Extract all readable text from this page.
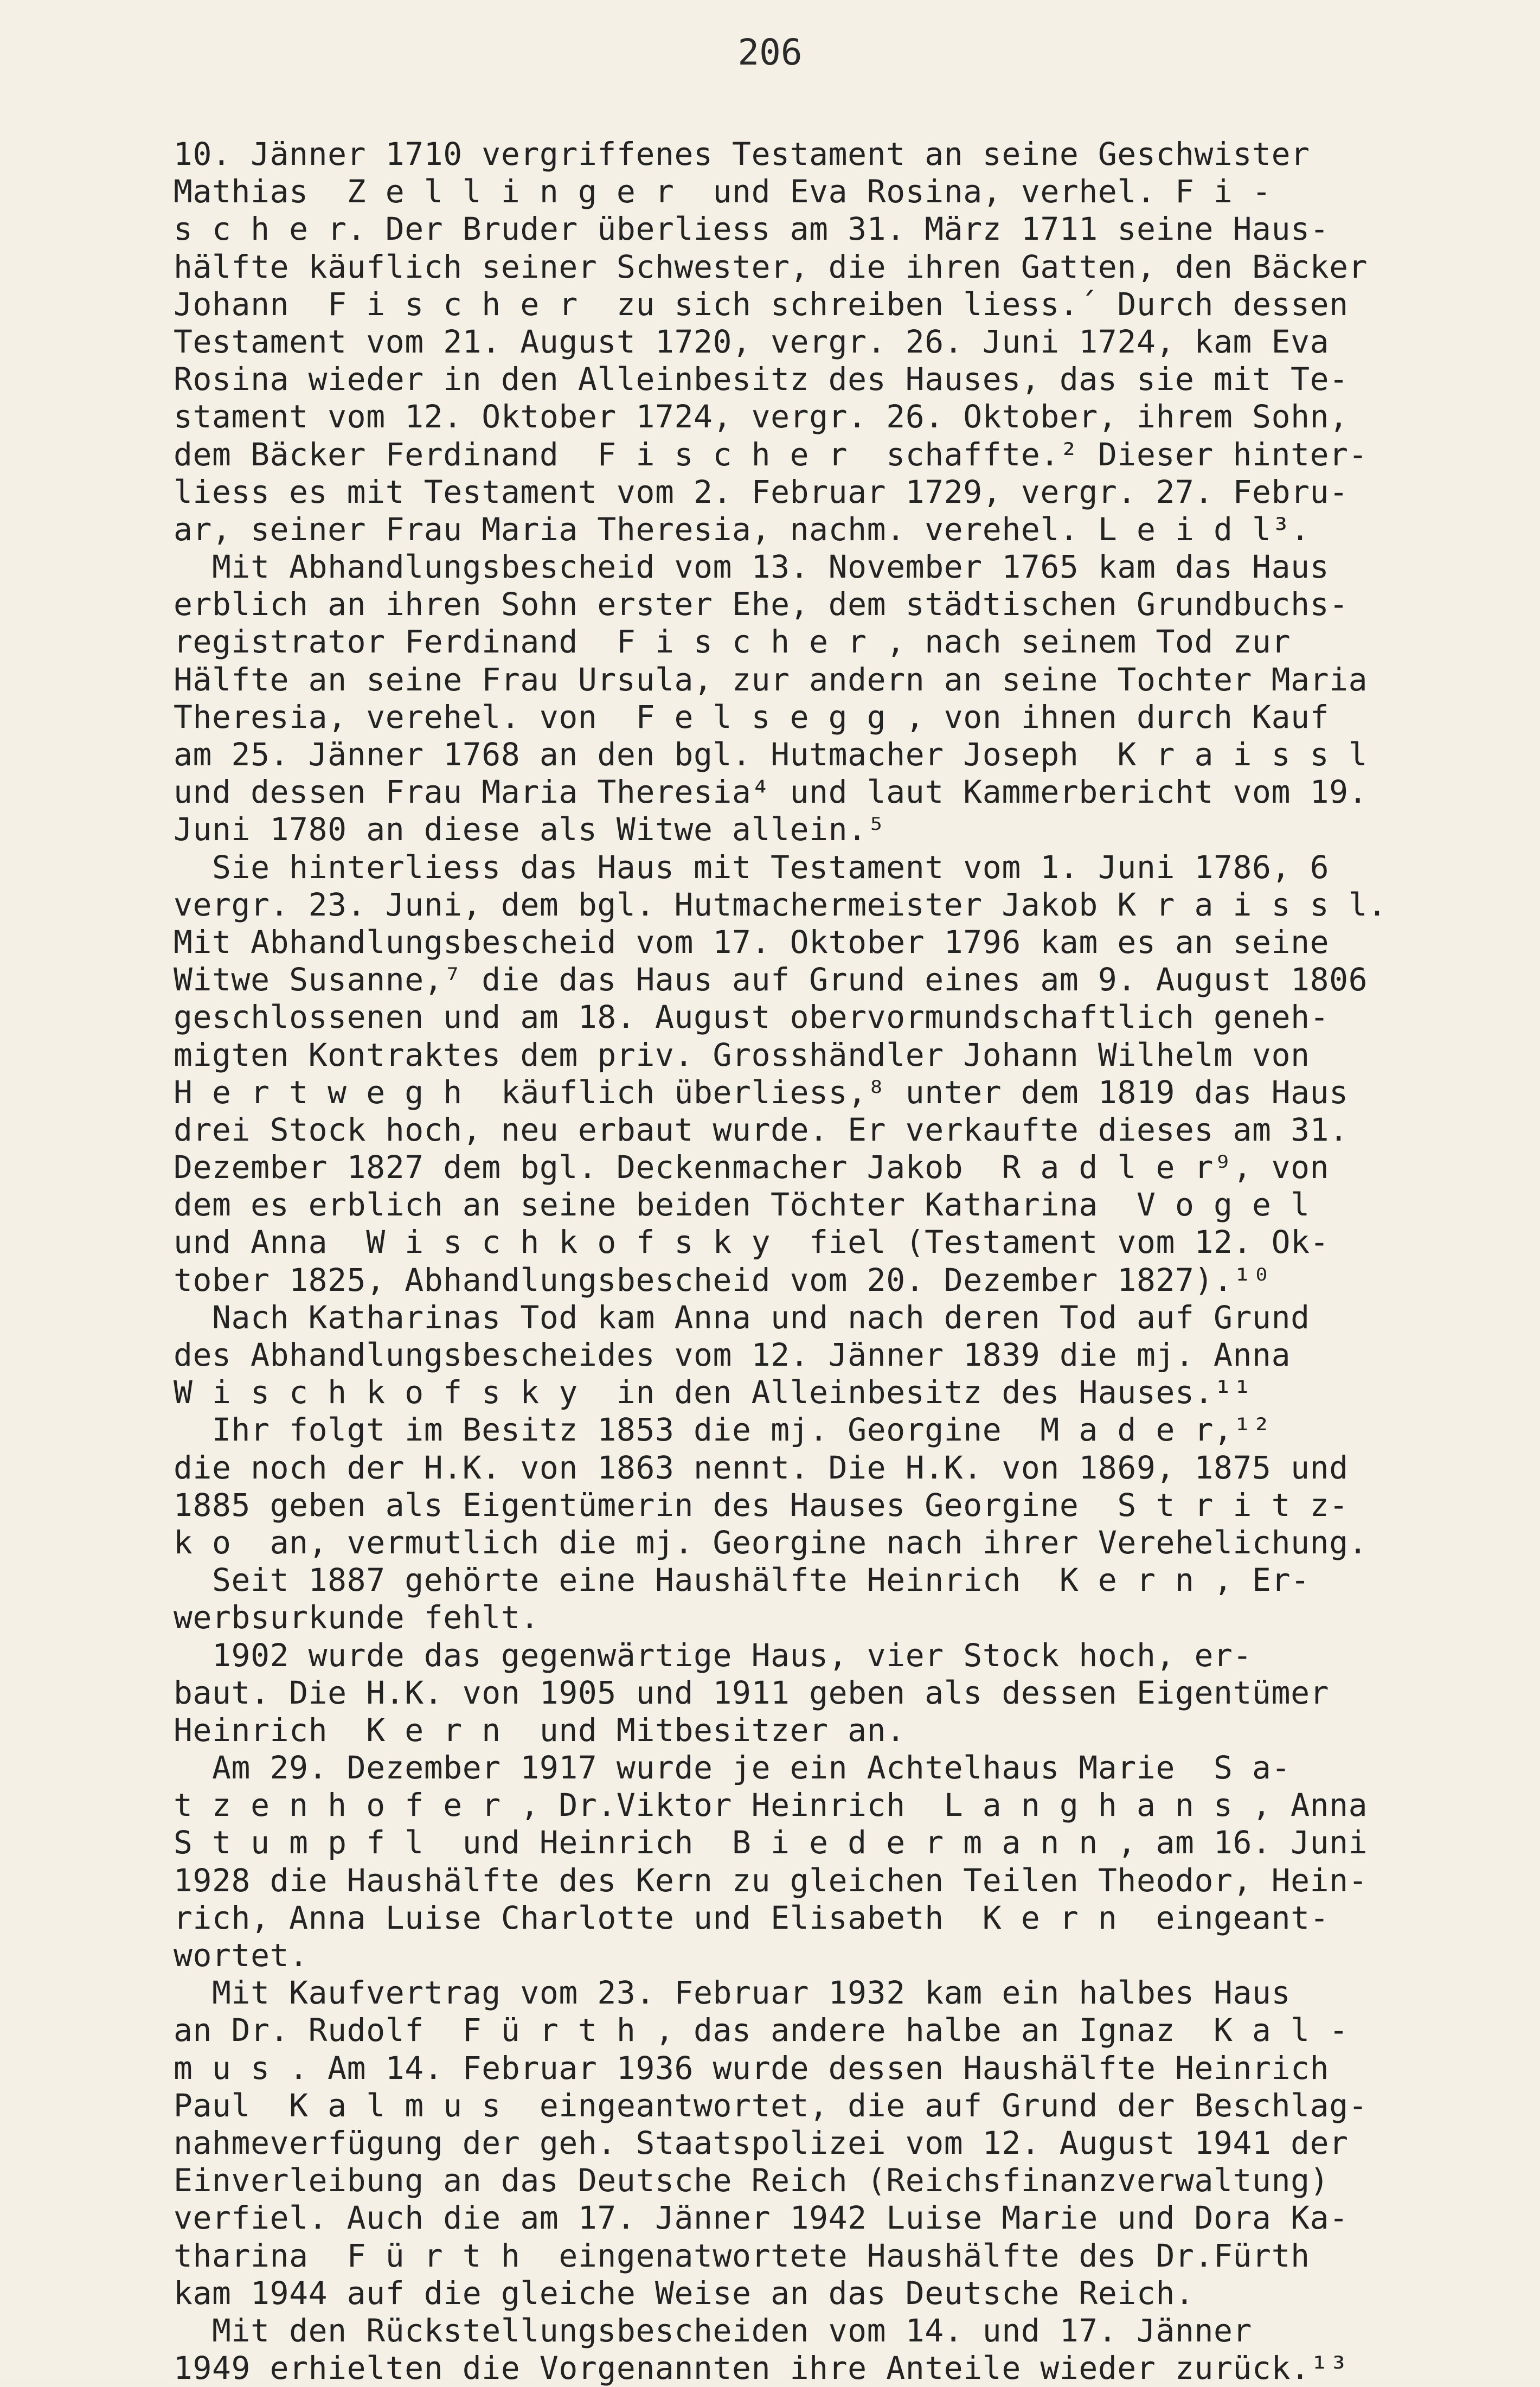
206
10. Jänner 1710 vergriffenes Testament an seine Geschwister
Mathias  Z e l l i n g e r  und Eva Rosina, verhel. F i -
s c h e r. Der Bruder überliess am 31. März 1711 seine Haus-
hälfte käuflich seiner Schwester, die ihren Gatten, den Bäcker
Johann  F i s c h e r  zu sich schreiben liess.´ Durch dessen
Testament vom 21. August 1720, vergr. 26. Juni 1724, kam Eva
Rosina wieder in den Alleinbesitz des Hauses, das sie mit Te-
stament vom 12. Oktober 1724, vergr. 26. Oktober, ihrem Sohn,
dem Bäcker Ferdinand  F i s c h e r  schaffte.² Dieser hinter-
liess es mit Testament vom 2. Februar 1729, vergr. 27. Febru-
ar, seiner Frau Maria Theresia, nachm. verehel. L e i d l³.
Mit Abhandlungsbescheid vom 13. November 1765 kam das Haus
erblich an ihren Sohn erster Ehe, dem städtischen Grundbuchs-
registrator Ferdinand  F i s c h e r , nach seinem Tod zur
Hälfte an seine Frau Ursula, zur andern an seine Tochter Maria
Theresia, verehel. von  F e l s e g g , von ihnen durch Kauf
am 25. Jänner 1768 an den bgl. Hutmacher Joseph  K r a i s s l
und dessen Frau Maria Theresia⁴ und laut Kammerbericht vom 19.
Juni 1780 an diese als Witwe allein.⁵
Sie hinterliess das Haus mit Testament vom 1. Juni 1786, 6
vergr. 23. Juni, dem bgl. Hutmachermeister Jakob K r a i s s l.
Mit Abhandlungsbescheid vom 17. Oktober 1796 kam es an seine
Witwe Susanne,⁷ die das Haus auf Grund eines am 9. August 1806
geschlossenen und am 18. August obervormundschaftlich geneh-
migten Kontraktes dem priv. Grosshändler Johann Wilhelm von
H e r t w e g h  käuflich überliess,⁸ unter dem 1819 das Haus
drei Stock hoch, neu erbaut wurde. Er verkaufte dieses am 31.
Dezember 1827 dem bgl. Deckenmacher Jakob  R a d l e r⁹, von
dem es erblich an seine beiden Töchter Katharina  V o g e l
und Anna  W i s c h k o f s k y  fiel (Testament vom 12. Ok-
tober 1825, Abhandlungsbescheid vom 20. Dezember 1827).¹⁰
Nach Katharinas Tod kam Anna und nach deren Tod auf Grund
des Abhandlungsbescheides vom 12. Jänner 1839 die mj. Anna
W i s c h k o f s k y  in den Alleinbesitz des Hauses.¹¹
Ihr folgt im Besitz 1853 die mj. Georgine  M a d e r,¹²
die noch der H.K. von 1863 nennt. Die H.K. von 1869, 1875 und
1885 geben als Eigentümerin des Hauses Georgine  S t r i t z-
k o  an, vermutlich die mj. Georgine nach ihrer Verehelichung.
Seit 1887 gehörte eine Haushälfte Heinrich  K e r n , Er-
werbsurkunde fehlt.
1902 wurde das gegenwärtige Haus, vier Stock hoch, er-
baut. Die H.K. von 1905 und 1911 geben als dessen Eigentümer
Heinrich  K e r n  und Mitbesitzer an.
Am 29. Dezember 1917 wurde je ein Achtelhaus Marie  S a-
t z e n h o f e r , Dr.Viktor Heinrich  L a n g h a n s , Anna
S t u m p f l  und Heinrich  B i e d e r m a n n , am 16. Juni
1928 die Haushälfte des Kern zu gleichen Teilen Theodor, Hein-
rich, Anna Luise Charlotte und Elisabeth  K e r n  eingeant-
wortet.
Mit Kaufvertrag vom 23. Februar 1932 kam ein halbes Haus
an Dr. Rudolf  F ü r t h , das andere halbe an Ignaz  K a l -
m u s . Am 14. Februar 1936 wurde dessen Haushälfte Heinrich
Paul  K a l m u s  eingeantwortet, die auf Grund der Beschlag-
nahmeverfügung der geh. Staatspolizei vom 12. August 1941 der
Einverleibung an das Deutsche Reich (Reichsfinanzverwaltung)
verfiel. Auch die am 17. Jänner 1942 Luise Marie und Dora Ka-
tharina  F ü r t h  eingenatwortete Haushälfte des Dr.Fürth
kam 1944 auf die gleiche Weise an das Deutsche Reich.
Mit den Rückstellungsbescheiden vom 14. und 17. Jänner
1949 erhielten die Vorgenannten ihre Anteile wieder zurück.¹³
